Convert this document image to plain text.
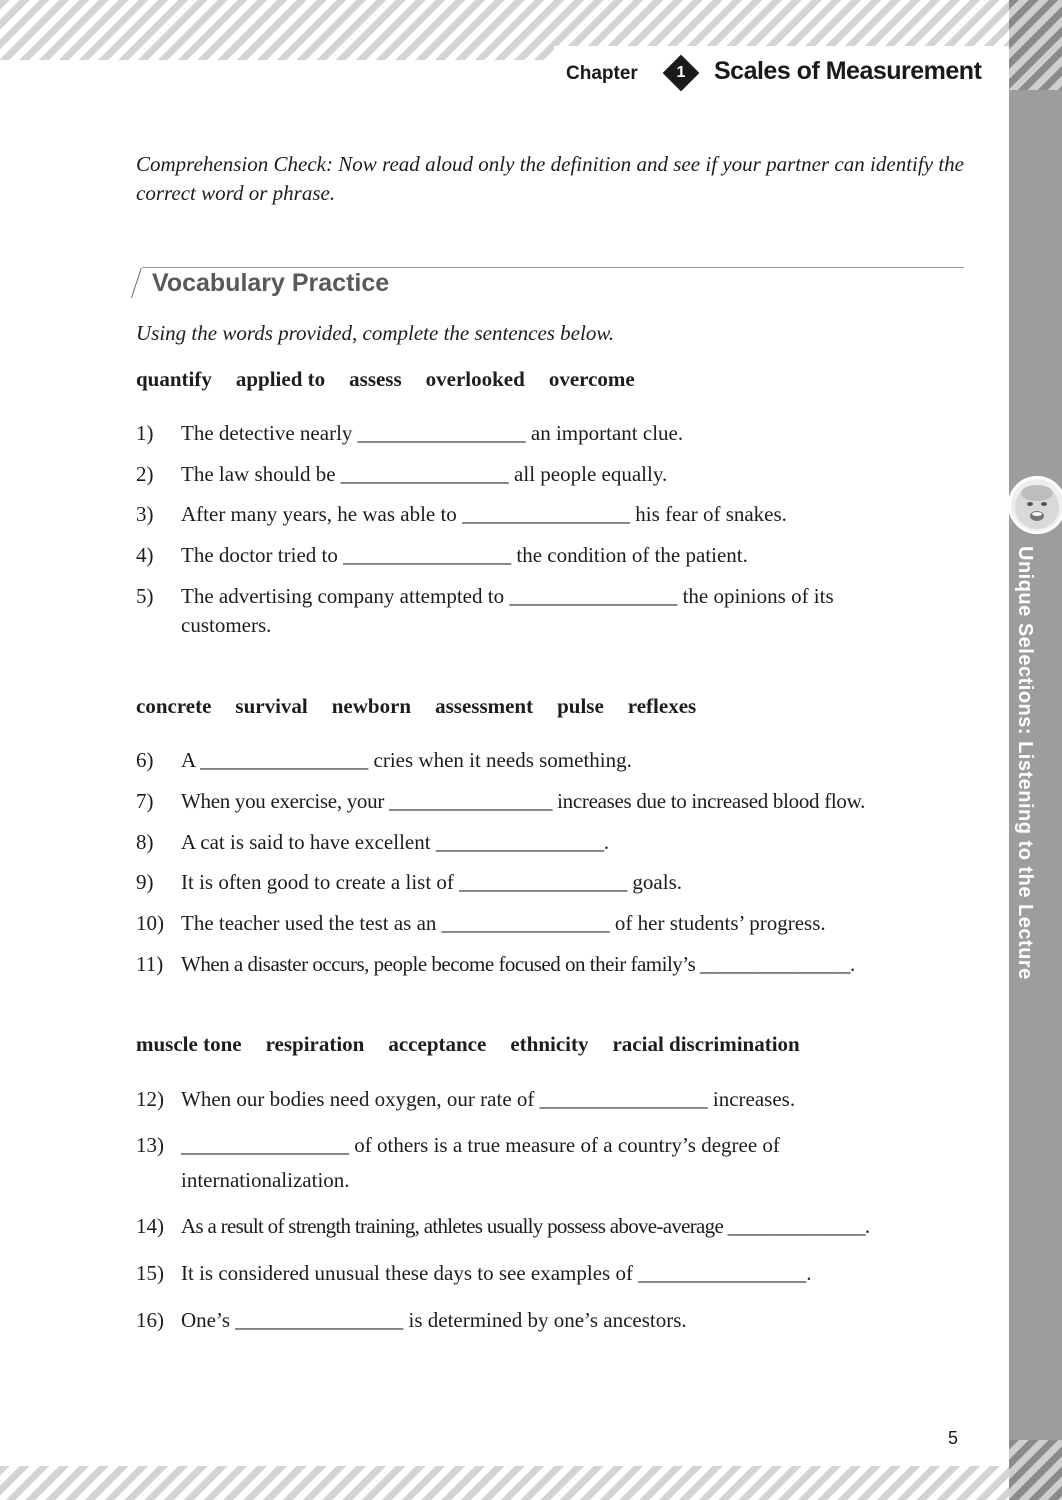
Unique Selections: Listening to the Lecture
Chapter	1	Scales of Measurement
Comprehension Check: Now read aloud only the definition and see if your partner can identify the correct word or phrase.
Vocabulary Practice
Using the words provided, complete the sentences below.
quantify applied to assess overlooked overcome
1) The detective nearly ________________ an important clue.
2) The law should be ________________ all people equally.
3) After many years, he was able to ________________ his fear of snakes.
4) The doctor tried to ________________ the condition of the patient.
5) The advertising company attempted to ________________ the opinions of its customers.
concrete survival newborn assessment pulse reflexes
6) A ________________ cries when it needs something.
7) When you exercise, your ________________ increases due to increased blood flow.
8) A cat is said to have excellent ________________.
9) It is often good to create a list of ________________ goals.
10) The teacher used the test as an ________________ of her students’ progress.
11) When a disaster occurs, people become focused on their family’s _______________.
muscle tone respiration acceptance ethnicity racial discrimination
12) When our bodies need oxygen, our rate of ________________ increases.
13) ________________ of others is a true measure of a country’s degree of internationalization.
14) As a result of strength training, athletes usually possess above-average ______________.
15) It is considered unusual these days to see examples of ________________.
16) One’s ________________ is determined by one’s ancestors.
5
